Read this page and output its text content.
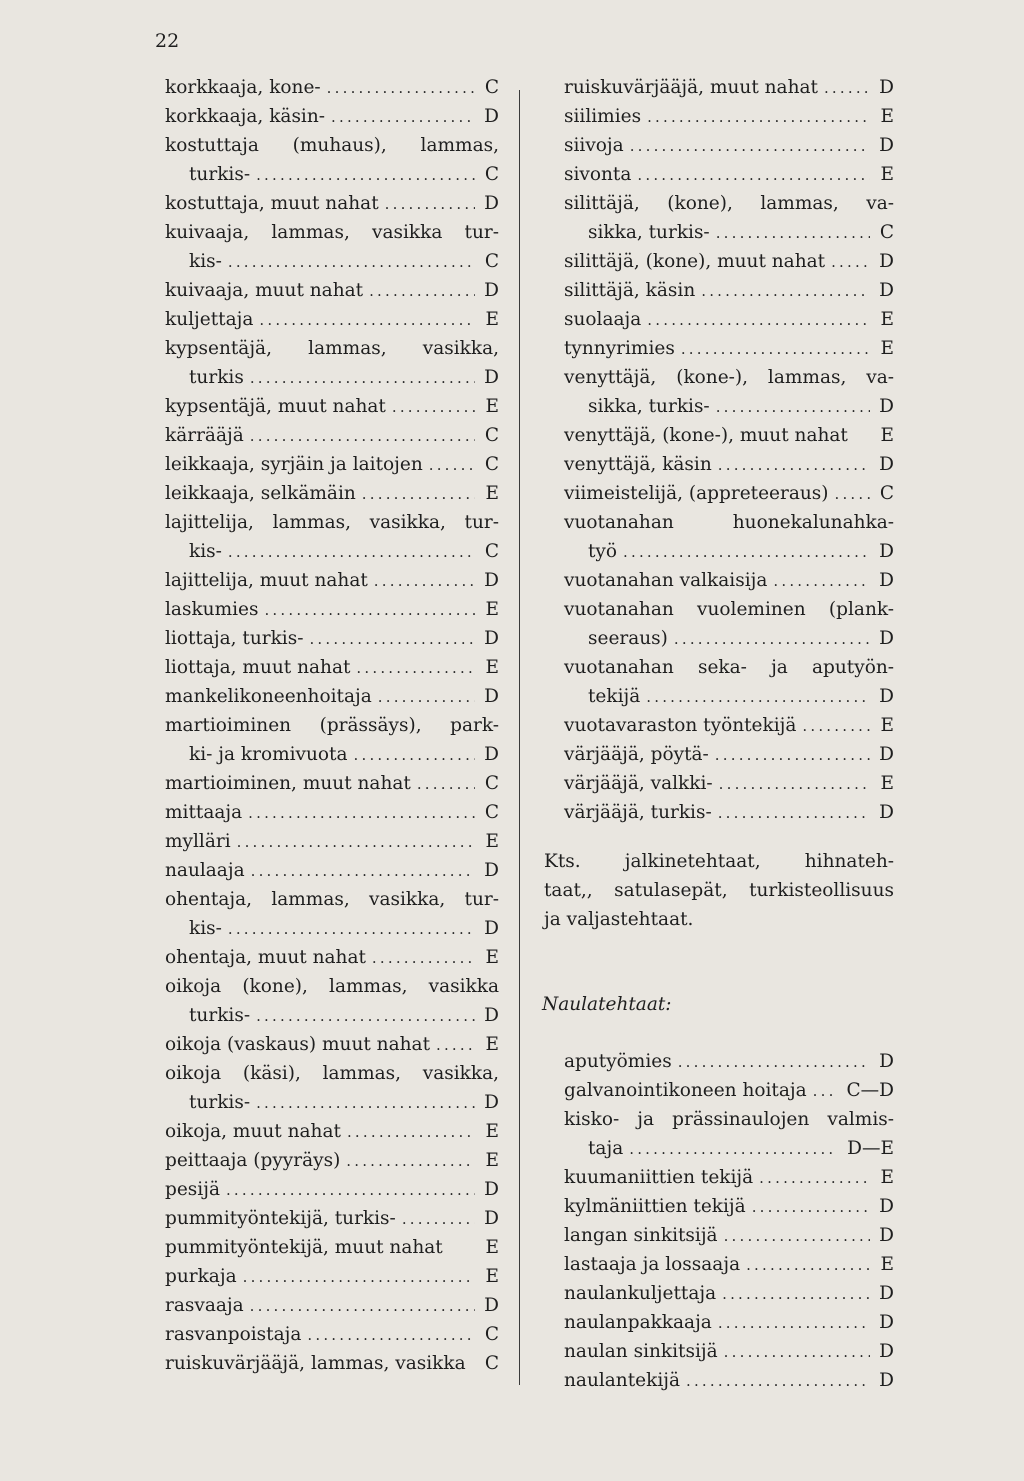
22
korkkaaja, kone- .....	C
korkkaaja, käsin- .....	D
kostuttaja (muhaus), lammas,
turkis- .....	C
kostuttaja, muut nahat .....	D
kuivaaja, lammas, vasikka tur-
kis- .....	C
kuivaaja, muut nahat .....	D
kuljettaja .....	E
kypsentäjä, lammas, vasikka,
turkis .....	D
kypsentäjä, muut nahat .....	E
kärrääjä .....	C
leikkaaja, syrjäin ja laitojen .....	C
leikkaaja, selkämäin .....	E
lajittelija, lammas, vasikka, tur-
kis- .....	C
lajittelija, muut nahat .....	D
laskumies .....	E
liottaja, turkis- .....	D
liottaja, muut nahat .....	E
mankelikoneenhoitaja .....	D
martioiminen (prässäys), park-
ki- ja kromivuota .....	D
martioiminen, muut nahat .....	C
mittaaja .....	C
mylläri .....	E
naulaaja .....	D
ohentaja, lammas, vasikka, tur-
kis- .....	D
ohentaja, muut nahat .....	E
oikoja (kone), lammas, vasikka
turkis- .....	D
oikoja (vaskaus) muut nahat .....	E
oikoja (käsi), lammas, vasikka,
turkis- .....	D
oikoja, muut nahat .....	E
peittaaja (pyyräys) .....	E
pesijä .....	D
pummityöntekijä, turkis- .....	D
pummityöntekijä, muut nahat E
purkaja .....	E
rasvaaja .....	D
rasvanpoistaja .....	C
ruiskuvärjääjä, lammas, vasikka C
ruiskuvärjääjä, muut nahat .....	D
siilimies .....	E
siivoja .....	D
sivonta .....	E
silittäjä, (kone), lammas, va-
sikka, turkis- .....	C
silittäjä, (kone), muut nahat .....	D
silittäjä, käsin .....	D
suolaaja .....	E
tynnyrimies .....	E
venyttäjä, (kone-), lammas, va-
sikka, turkis- .....	D
venyttäjä, (kone-), muut nahat E
venyttäjä, käsin .....	D
viimeistelijä, (appreteeraus) .....	C
vuotanahan huonekalunahka-
työ .....	D
vuotanahan valkaisija .....	D
vuotanahan vuoleminen (plank-
seeraus) .....	D
vuotanahan seka- ja aputyön-
tekijä .....	D
vuotavaraston työntekijä .....	E
värjääjä, pöytä- .....	D
värjääjä, valkki- .....	E
värjääjä, turkis- .....	D
Kts. jalkinetehtaat, hihnateh-
taat,, satulasepät, turkisteollisuus
ja valjastehtaat.
Naulatehtaat:
aputyömies .....	D
galvanointikoneen hoitaja .....	C—D
kisko- ja prässinaulojen valmis-
taja .....	D—E
kuumaniittien tekijä .....	E
kylmäniittien tekijä .....	D
langan sinkitsijä .....	D
lastaaja ja lossaaja .....	E
naulankuljettaja .....	D
naulanpakkaaja .....	D
naulan sinkitsijä .....	D
naulantekijä .....	D
